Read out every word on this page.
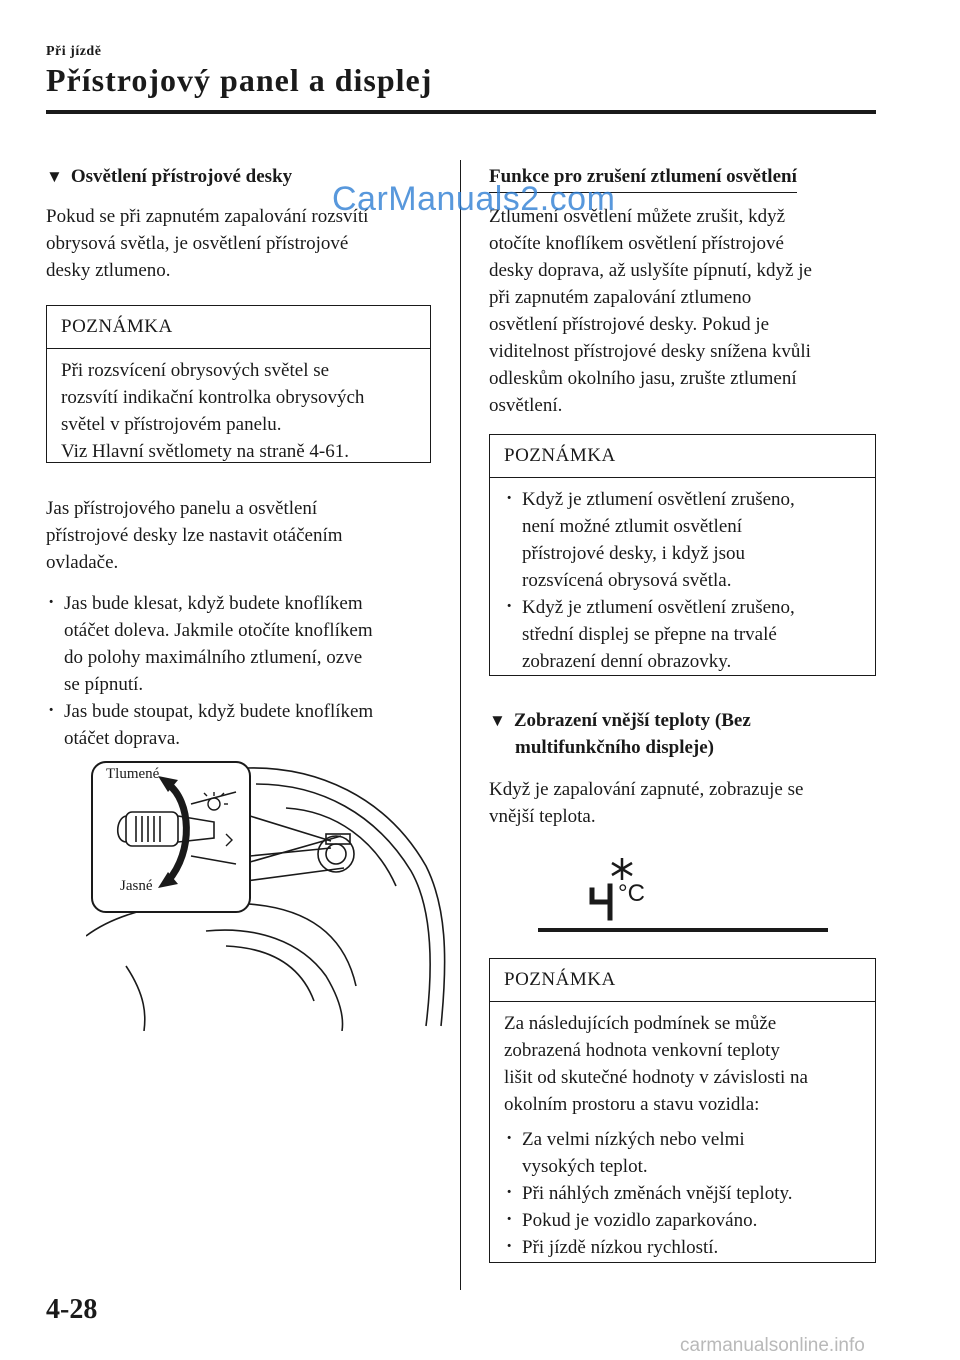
Při jízdě
Přístrojový panel a displej
▼ Osvětlení přístrojové desky

Pokud se při zapnutém zapalování rozsvítí

obrysová světla, je osvětlení přístrojové

desky ztlumeno.

POZNÁMKA

Při rozsvícení obrysových světel se

rozsvítí indikační kontrolka obrysových

světel v přístrojovém panelu.

Viz Hlavní světlomety na straně 4-61.

Jas přístrojového panelu a osvětlení

přístrojové desky lze nastavit otáčením

ovladače.

· Jas bude klesat, když budete knoflíkem
otáčet doleva. Jakmile otočíte knoflíkem
do polohy maximálního ztlumení, ozve
se pípnutí.
· Jas bude stoupat, když budete knoflíkem
otáčet doprava.
Tlumené
Jasné
Funkce pro zrušení ztlumení osvětlení

Ztlumení osvětlení můžete zrušit, když

otočíte knoflíkem osvětlení přístrojové

desky doprava, až uslyšíte pípnutí, když je

při zapnutém zapalování ztlumeno

osvětlení přístrojové desky. Pokud je

viditelnost přístrojové desky snížena kvůli

odleskům okolního jasu, zrušte ztlumení

osvětlení.

POZNÁMKA
· Když je ztlumení osvětlení zrušeno,
není možné ztlumit osvětlení
přístrojové desky, i když jsou
rozsvícená obrysová světla.
· Když je ztlumení osvětlení zrušeno,
střední displej se přepne na trvalé
zobrazení denní obrazovky.
▼ Zobrazení vnější teploty (Bez
multifunkčního displeje)

Když je zapalování zapnuté, zobrazuje se

vnější teplota.

°C
POZNÁMKA

Za následujících podmínek se může

zobrazená hodnota venkovní teploty

lišit od skutečné hodnoty v závislosti na

okolním prostoru a stavu vozidla:

· Za velmi nízkých nebo velmi
vysokých teplot.
· Při náhlých změnách vnější teploty.
· Pokud je vozidlo zaparkováno.
· Při jízdě nízkou rychlostí.
CarManuals2.com
4-28
carmanualsonline.info
